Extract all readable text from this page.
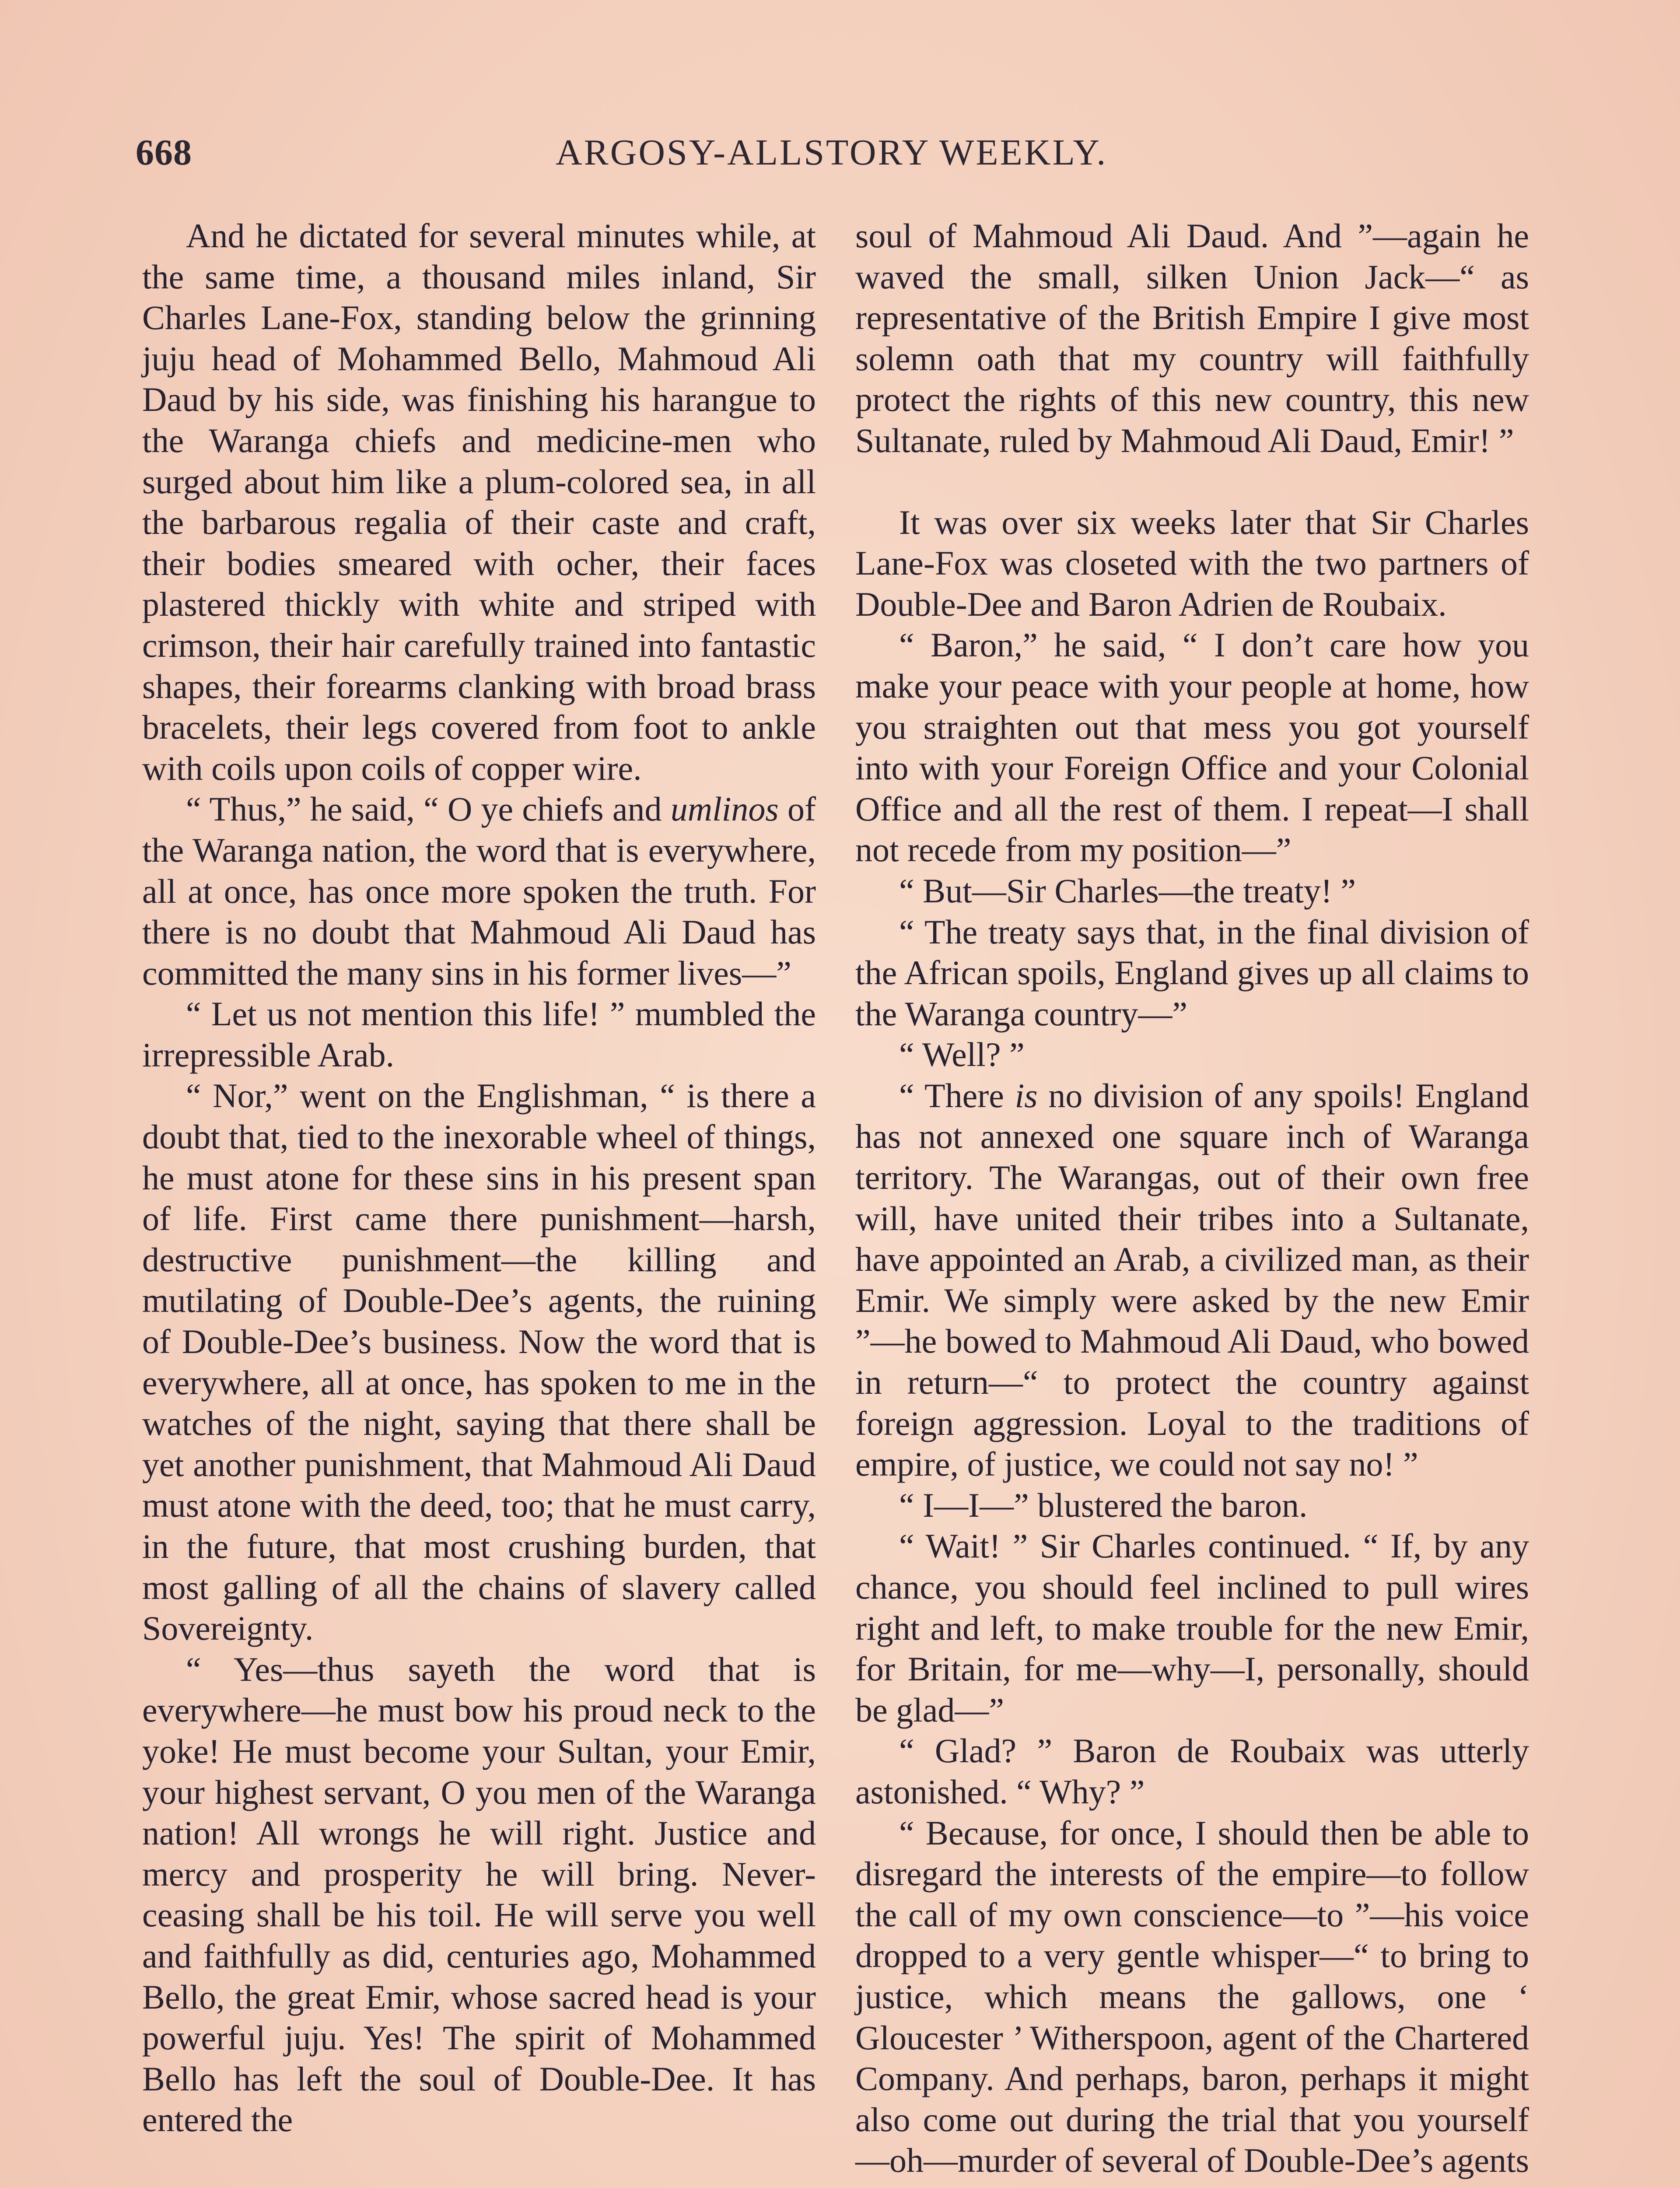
668	ARGOSY-ALLSTORY WEEKLY.

And he dictated for several minutes while, at the same time, a thousand miles inland, Sir Charles Lane-Fox, standing below the grinning juju head of Mohammed Bello, Mahmoud Ali Daud by his side, was finishing his harangue to the Waranga chiefs and medicine-men who surged about him like a plum-colored sea, in all the barbarous regalia of their caste and craft, their bodies smeared with ocher, their faces plastered thickly with white and striped with crimson, their hair carefully trained into fantastic shapes, their forearms clanking with broad brass bracelets, their legs covered from foot to ankle with coils upon coils of copper wire.

“ Thus,” he said, “ O ye chiefs and umlinos of the Waranga nation, the word that is everywhere, all at once, has once more spoken the truth. For there is no doubt that Mahmoud Ali Daud has committed the many sins in his former lives—”

“ Let us not mention this life! ” mumbled the irrepressible Arab.

“ Nor,” went on the Englishman, “ is there a doubt that, tied to the inexorable wheel of things, he must atone for these sins in his present span of life. First came there punishment—harsh, destructive punishment—the killing and mutilating of Double-Dee’s agents, the ruining of Double-Dee’s business. Now the word that is everywhere, all at once, has spoken to me in the watches of the night, saying that there shall be yet another punishment, that Mahmoud Ali Daud must atone with the deed, too; that he must carry, in the future, that most crushing burden, that most galling of all the chains of slavery called Sovereignty.

“ Yes—thus sayeth the word that is everywhere—he must bow his proud neck to the yoke! He must become your Sultan, your Emir, your highest servant, O you men of the Waranga nation! All wrongs he will right. Justice and mercy and prosperity he will bring. Never-ceasing shall be his toil. He will serve you well and faithfully as did, centuries ago, Mohammed Bello, the great Emir, whose sacred head is your powerful juju. Yes! The spirit of Mohammed Bello has left the soul of Double-Dee. It has entered the

soul of Mahmoud Ali Daud. And ”—again he waved the small, silken Union Jack—“ as representative of the British Empire I give most solemn oath that my country will faithfully protect the rights of this new country, this new Sultanate, ruled by Mahmoud Ali Daud, Emir! ”

It was over six weeks later that Sir Charles Lane-Fox was closeted with the two partners of Double-Dee and Baron Adrien de Roubaix.

“ Baron,” he said, “ I don’t care how you make your peace with your people at home, how you straighten out that mess you got yourself into with your Foreign Office and your Colonial Office and all the rest of them. I repeat—I shall not recede from my position—”

“ But—Sir Charles—the treaty! ”

“ The treaty says that, in the final division of the African spoils, England gives up all claims to the Waranga country—”

“ Well? ”

“ There is no division of any spoils! England has not annexed one square inch of Waranga territory. The Warangas, out of their own free will, have united their tribes into a Sultanate, have appointed an Arab, a civilized man, as their Emir. We simply were asked by the new Emir ”—he bowed to Mahmoud Ali Daud, who bowed in return—“ to protect the country against foreign aggression. Loyal to the traditions of empire, of justice, we could not say no! ”

“ I—I—” blustered the baron.

“ Wait! ” Sir Charles continued. “ If, by any chance, you should feel inclined to pull wires right and left, to make trouble for the new Emir, for Britain, for me—why—I, personally, should be glad—”

“ Glad? ” Baron de Roubaix was utterly astonished. “ Why? ”

“ Because, for once, I should then be able to disregard the interests of the empire—to follow the call of my own conscience—to ”—his voice dropped to a very gentle whisper—“ to bring to justice, which means the gallows, one ‘ Gloucester ’ Witherspoon, agent of the Chartered Company. And perhaps, baron, perhaps it might also come out during the trial that you yourself—oh—murder of several of Double-Dee’s agents
